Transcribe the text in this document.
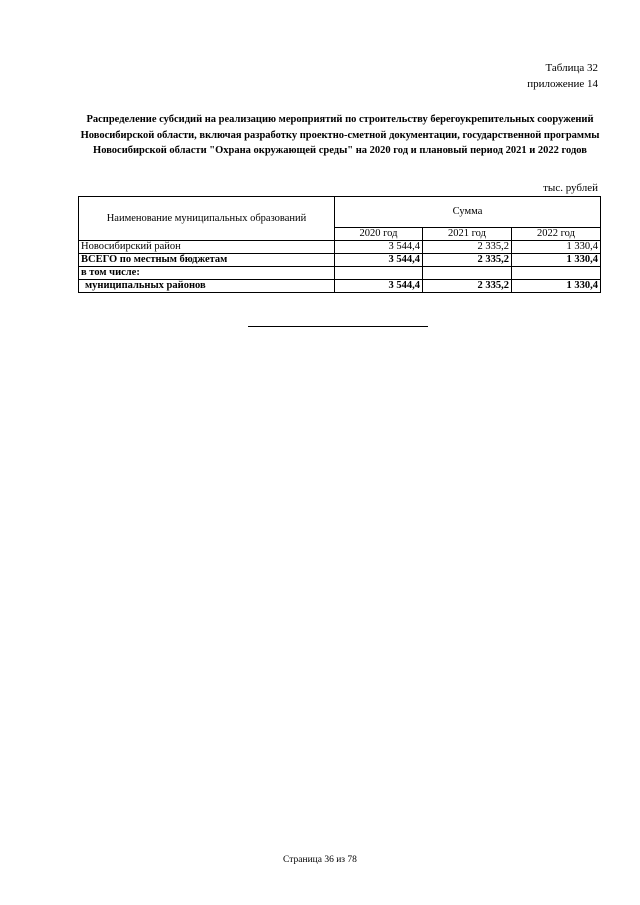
Таблица 32
приложение 14
Распределение субсидий на реализацию мероприятий по строительству берегоукрепительных сооружений Новосибирской области, включая разработку проектно-сметной документации, государственной программы Новосибирской области "Охрана окружающей среды" на 2020 год и плановый период 2021 и 2022 годов
тыс. рублей
Наименование муниципальных образований	Сумма		
	2020 год	2021 год	2022 год
Новосибирский район	3 544,4	2 335,2	1 330,4
ВСЕГО по местным бюджетам	3 544,4	2 335,2	1 330,4
в том числе:			
муниципальных районов	3 544,4	2 335,2	1 330,4
Страница 36 из 78
